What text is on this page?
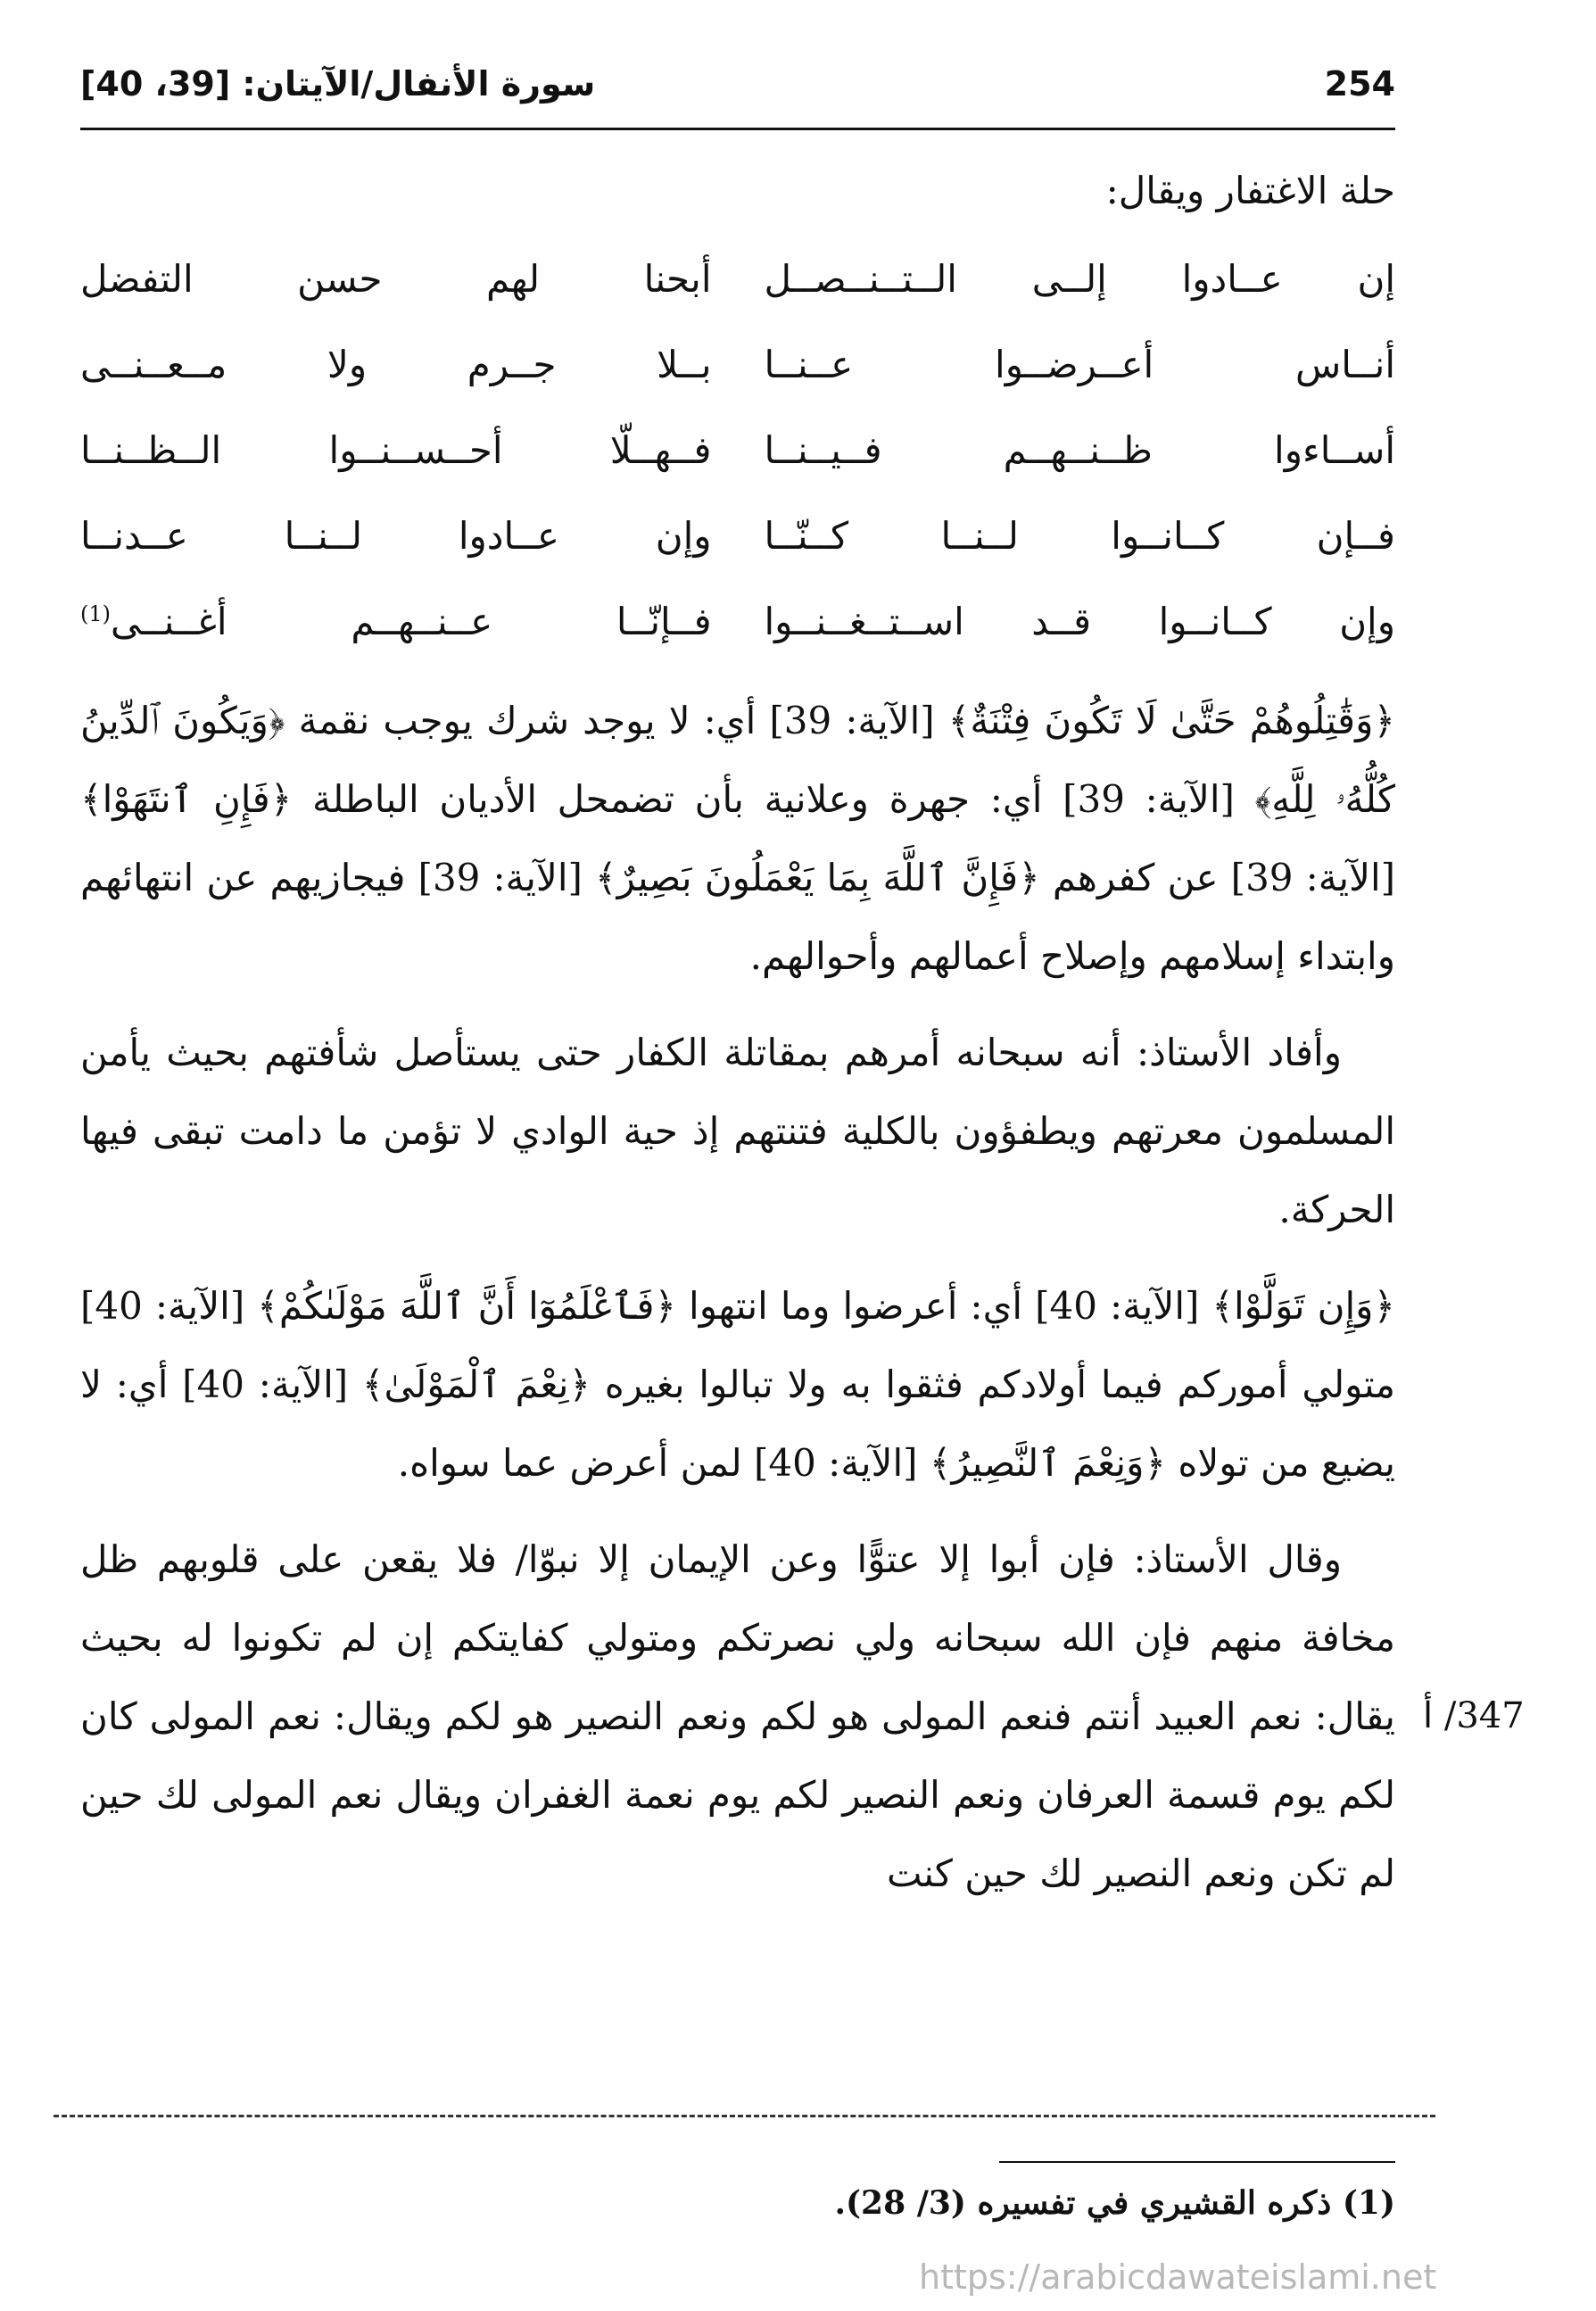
254
سورة الأنفال/الآيتان: [39، 40]

حلة الاغتفار ويقال:

إن عــادوا إلــى الــتــنــصــل
أبحنا لهم حسن التفضل
أنــاس أعــرضــوا عــنــا
بــلا جــرم ولا مــعــنــى
أســاءوا ظــنــهــم فــيــنــا
فــهــلّا أحــســنــوا الــظــنــا
فــإن كــانــوا لــنــا كــنّــا
وإن عــادوا لــنــا عــدنــا
وإن كــانــوا قــد اســتــغــنــوا
فــإنّــا عــنــهــم أغــنــى$^{(1)}$

﴿وَقَٰتِلُوهُمْ حَتَّىٰ لَا تَكُونَ فِتْنَةٌ﴾ [الآية: 39] أي: لا يوجد شرك يوجب نقمة ﴿وَيَكُونَ ٱلدِّينُ كُلُّهُۥ لِلَّهِ﴾ [الآية: 39] أي: جهرة وعلانية بأن تضمحل الأديان الباطلة ﴿فَإِنِ ٱنتَهَوْا﴾ [الآية: 39] عن كفرهم ﴿فَإِنَّ ٱللَّهَ بِمَا يَعْمَلُونَ بَصِيرٌ﴾ [الآية: 39] فيجازيهم عن انتهائهم وابتداء إسلامهم وإصلاح أعمالهم وأحوالهم.

وأفاد الأستاذ: أنه سبحانه أمرهم بمقاتلة الكفار حتى يستأصل شأفتهم بحيث يأمن المسلمون معرتهم ويطفؤون بالكلية فتنتهم إذ حية الوادي لا تؤمن ما دامت تبقى فيها الحركة.

﴿وَإِن تَوَلَّوْا﴾ [الآية: 40] أي: أعرضوا وما انتهوا ﴿فَٱعْلَمُوٓا أَنَّ ٱللَّهَ مَوْلَىٰكُمْ﴾ [الآية: 40] متولي أموركم فيما أولادكم فثقوا به ولا تبالوا بغيره ﴿نِعْمَ ٱلْمَوْلَىٰ﴾ [الآية: 40] أي: لا يضيع من تولاه ﴿وَنِعْمَ ٱلنَّصِيرُ﴾ [الآية: 40] لمن أعرض عما سواه.

وقال الأستاذ: فإن أبوا إلا عتوًّا وعن الإيمان إلا نبوّا/ فلا يقعن على قلوبهم ظل مخافة منهم فإن الله سبحانه ولي نصرتكم ومتولي كفايتكم إن لم تكونوا له بحيث يقال: نعم العبيد أنتم فنعم المولى هو لكم ونعم النصير هو لكم ويقال: نعم المولى كان لكم يوم قسمة العرفان ونعم النصير لكم يوم نعمة الغفران ويقال نعم المولى لك حين لم تكن ونعم النصير لك حين كنت

347/ أ
(1) ذكره القشيري في تفسيره (3/ 28).
https://arabicdawateislami.net
